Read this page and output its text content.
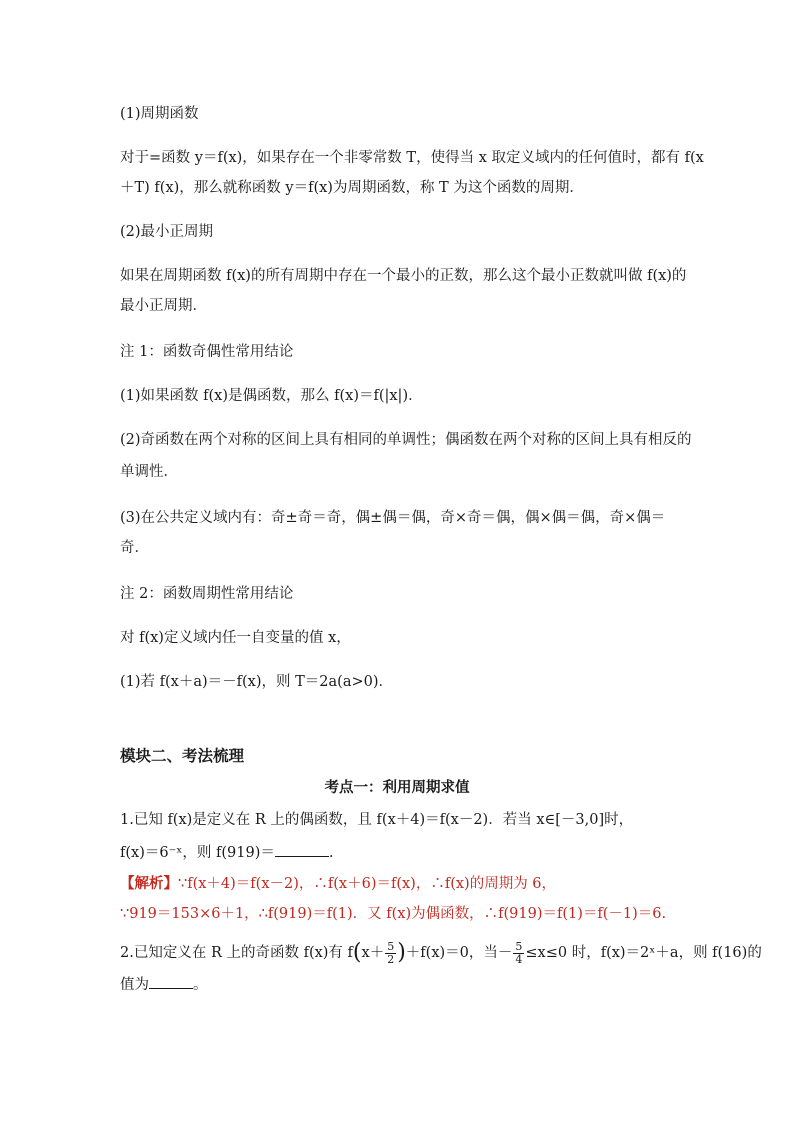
(1)周期函数
对于=函数 y＝f(x)，如果存在一个非零常数 T，使得当 x 取定义域内的任何值时，都有 f(x
＋T) f(x)，那么就称函数 y＝f(x)为周期函数，称 T 为这个函数的周期．
(2)最小正周期
如果在周期函数 f(x)的所有周期中存在一个最小的正数，那么这个最小正数就叫做 f(x)的
最小正周期．
注 1：函数奇偶性常用结论
(1)如果函数 f(x)是偶函数，那么 f(x)＝f(|x|)．
(2)奇函数在两个对称的区间上具有相同的单调性；偶函数在两个对称的区间上具有相反的
单调性．
(3)在公共定义域内有：奇±奇＝奇，偶±偶＝偶，奇×奇＝偶，偶×偶＝偶，奇×偶＝
奇．
注 2：函数周期性常用结论
对 f(x)定义域内任一自变量的值 x，
(1)若 f(x＋a)＝－f(x)，则 T＝2a(a>0)．
模块二、考法梳理
考点一：利用周期求值
1.已知 f(x)是定义在 R 上的偶函数，且 f(x＋4)＝f(x－2)．若当 x∈[－3,0]时，
f(x)＝6⁻ˣ，则 f(919)＝	.
【解析】∵f(x＋4)＝f(x－2)，∴f(x＋6)＝f(x)，∴f(x)的周期为 6，
∵919＝153×6＋1，∴f(919)＝f(1)．又 f(x)为偶函数，∴f(919)＝f(1)＝f(－1)＝6.
2.已知定义在 R 上的奇函数 f(x)有 $f(x+ \frac{5}{2} )+f(x)=0$，当－ $\frac{5}{4} \le x\le 0$ 时，f(x)＝2ˣ＋a，则 f(16)的
值为	。
